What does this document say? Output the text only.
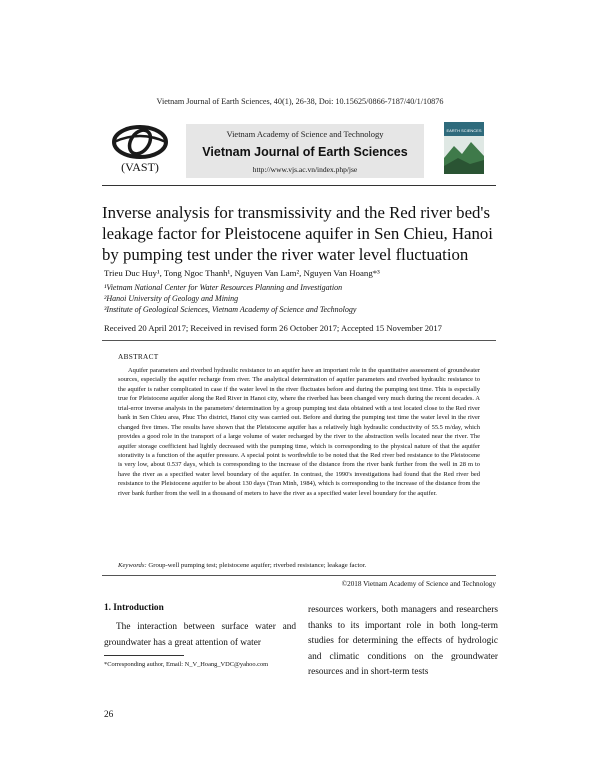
Vietnam Journal of Earth Sciences, 40(1), 26-38, Doi: 10.15625/0866-7187/40/1/10876
(VAST)
Vietnam Academy of Science and Technology
Vietnam Journal of Earth Sciences
http://www.vjs.ac.vn/index.php/jse
EARTH SCIENCES
Inverse analysis for transmissivity and the Red river bed's leakage factor for Pleistocene aquifer in Sen Chieu, Hanoi by pumping test under the river water level fluctuation
Trieu Duc Huy¹, Tong Ngoc Thanh¹, Nguyen Van Lam², Nguyen Van Hoang*³
¹Vietnam National Center for Water Resources Planning and Investigation
²Hanoi University of Geology and Mining
³Institute of Geological Sciences, Vietnam Academy of Science and Technology
Received 20 April 2017; Received in revised form 26 October 2017; Accepted 15 November 2017
ABSTRACT
Aquifer parameters and riverbed hydraulic resistance to an aquifer have an important role in the quantitative assessment of groundwater sources, especially the aquifer recharge from river. The analytical determination of aquifer parameters and riverbed hydraulic resistance to the aquifer is rather complicated in case if the water level in the river fluctuates before and during the pumping test time. This is especially true for Pleistocene aquifer along the Red River in Hanoi city, where the riverbed has been changed very much during the recent decades. A trial-error inverse analysis in the parameters' determination by a group pumping test data obtained with a test located close to the Red river bank in Sen Chieu area, Phuc Tho district, Hanoi city was carried out. Before and during the pumping test time the water level in the river changed five times. The results have shown that the Pleistocene aquifer has a relatively high hydraulic conductivity of 55.5 m/day, which provides a good role in the transport of a large volume of water recharged by the river to the abstraction wells located near the river. The aquifer storage coefficient had lightly decreased with the pumping time, which is corresponding to the physical nature of that the aquifer storativity is a function of the aquifer pressure. A special point is worthwhile to be noted that the Red river bed resistance to the Pleistocene is very low, about 0.537 days, which is corresponding to the increase of the distance from the river bank further from the well in 28 m to have the river as a specified water level boundary of the aquifer. In contrast, the 1990's investigations had found that the Red river bed resistance to the Pleistocene aquifer to be about 130 days (Tran Minh, 1984), which is corresponding to the increase of the distance from the river bank further from the well in a thousand of meters to have the river as a specified water level boundary for the aquifer.
Keywords: Group-well pumping test; pleistocene aquifer; riverbed resistance; leakage factor.
©2018 Vietnam Academy of Science and Technology
1. Introduction
The interaction between surface water and groundwater has a great attention of water
resources workers, both managers and researchers thanks to its important role in both long-term studies for determining the effects of hydrologic and climatic conditions on the groundwater resources and in short-term tests
*Corresponding author, Email: N_V_Hoang_VDC@yahoo.com
26
